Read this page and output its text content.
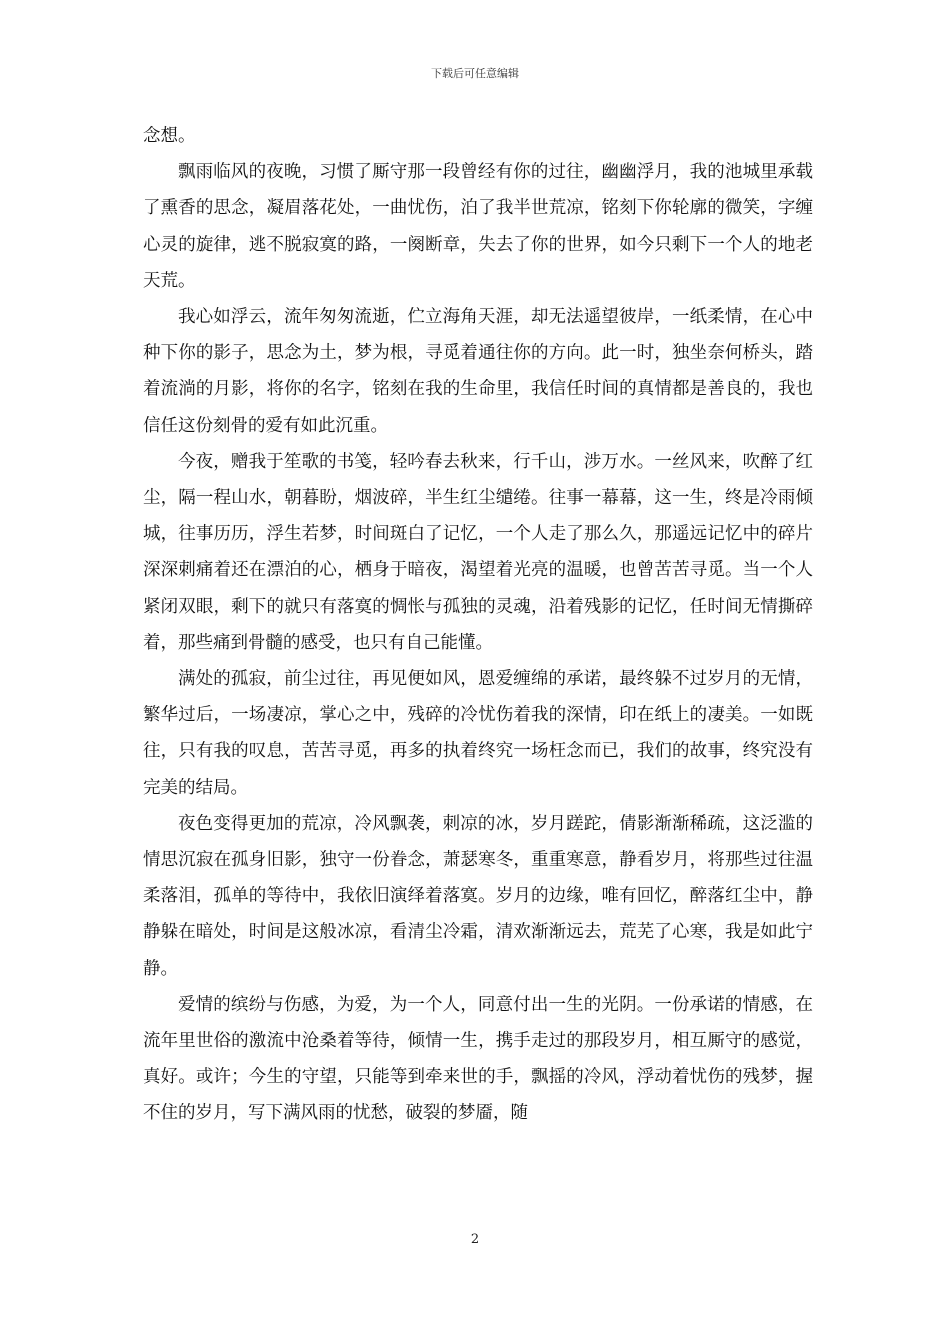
下载后可任意编辑

念想。

飘雨临风的夜晚，习惯了厮守那一段曾经有你的过往，幽幽浮月，我的池城里承载了熏香的思念，凝眉落花处，一曲忧伤，泊了我半世荒凉，铭刻下你轮廓的微笑，字缠心灵的旋律，逃不脱寂寞的路，一阕断章，失去了你的世界，如今只剩下一个人的地老天荒。

我心如浮云，流年匆匆流逝，伫立海角天涯，却无法遥望彼岸，一纸柔情，在心中种下你的影子，思念为土，梦为根，寻觅着通往你的方向。此一时，独坐奈何桥头，踏着流淌的月影，将你的名字，铭刻在我的生命里，我信任时间的真情都是善良的，我也信任这份刻骨的爱有如此沉重。

今夜，赠我于笙歌的书笺，轻吟春去秋来，行千山，涉万水。一丝风来，吹醉了红尘，隔一程山水，朝暮盼，烟波碎，半生红尘缱绻。往事一幕幕，这一生，终是冷雨倾城，往事历历，浮生若梦，时间斑白了记忆，一个人走了那么久，那遥远记忆中的碎片深深刺痛着还在漂泊的心，栖身于暗夜，渴望着光亮的温暖，也曾苦苦寻觅。当一个人紧闭双眼，剩下的就只有落寞的惆怅与孤独的灵魂，沿着残影的记忆，任时间无情撕碎着，那些痛到骨髓的感受，也只有自己能懂。

满处的孤寂，前尘过往，再见便如风，恩爱缠绵的承诺，最终躲不过岁月的无情，繁华过后，一场凄凉，掌心之中，残碎的冷忧伤着我的深情，印在纸上的凄美。一如既往，只有我的叹息，苦苦寻觅，再多的执着终究一场枉念而已，我们的故事，终究没有完美的结局。

夜色变得更加的荒凉，冷风飘袭，刺凉的冰，岁月蹉跎，倩影渐渐稀疏，这泛滥的情思沉寂在孤身旧影，独守一份眷念，萧瑟寒冬，重重寒意，静看岁月，将那些过往温柔落泪，孤单的等待中，我依旧演绎着落寞。岁月的边缘，唯有回忆，醉落红尘中，静静躲在暗处，时间是这般冰凉，看清尘冷霜，清欢渐渐远去，荒芜了心寒，我是如此宁静。

爱情的缤纷与伤感，为爱，为一个人，同意付出一生的光阴。一份承诺的情感，在流年里世俗的激流中沧桑着等待，倾情一生，携手走过的那段岁月，相互厮守的感觉，真好。或许；今生的守望，只能等到牵来世的手，飘摇的冷风，浮动着忧伤的残梦，握不住的岁月，写下满风雨的忧愁，破裂的梦靥，随

2
